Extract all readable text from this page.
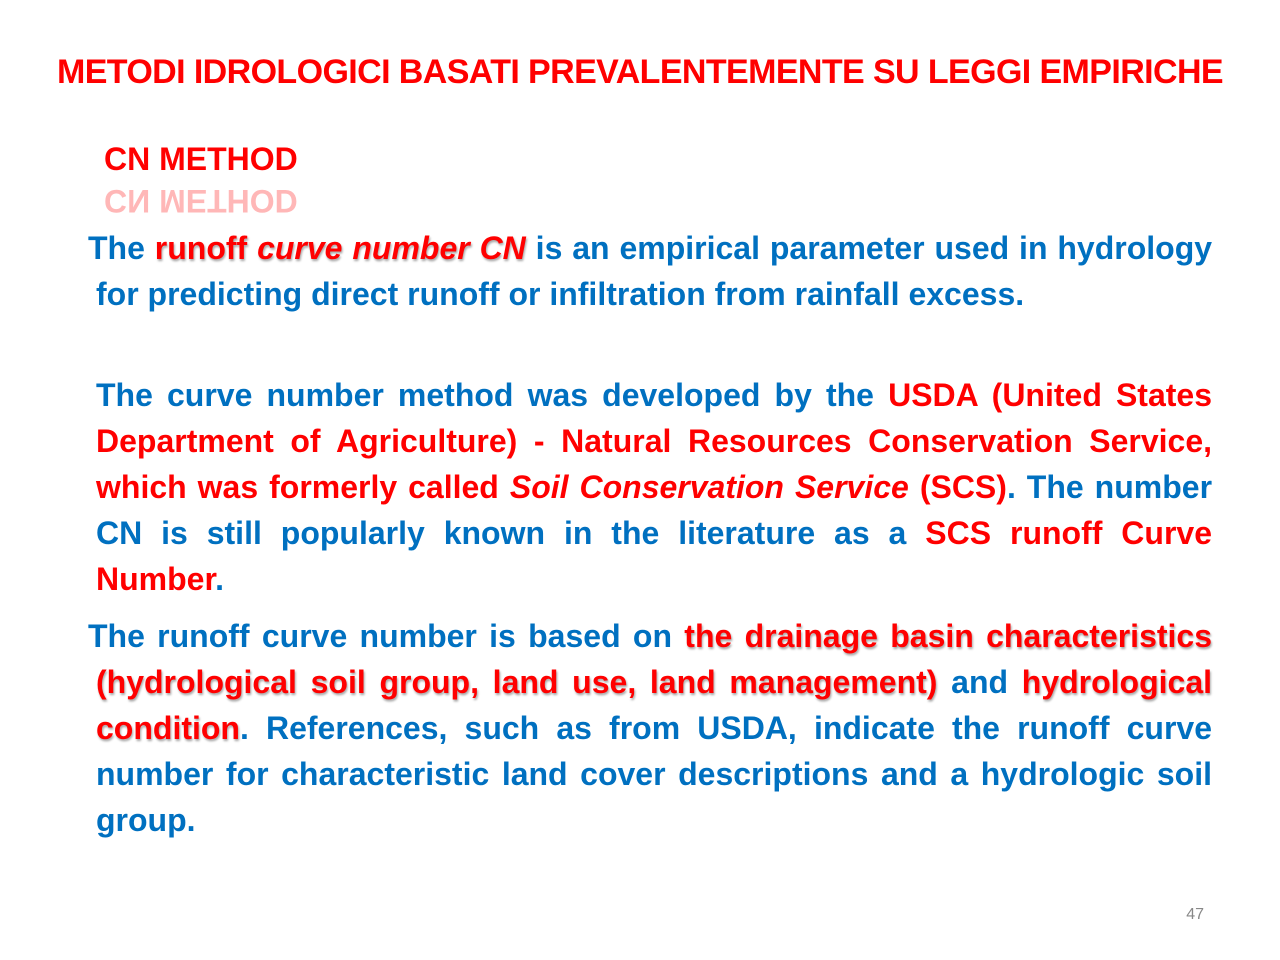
METODI IDROLOGICI BASATI PREVALENTEMENTE SU LEGGI EMPIRICHE
CN METHOD
CN METHOD

The runoff curve number CN is an empirical parameter used in hydrology for predicting direct runoff or infiltration from rainfall excess.

The curve number method was developed by the USDA (United States Department of Agriculture) - Natural Resources Conservation Service, which was formerly called Soil Conservation Service (SCS). The number CN is still popularly known in the literature as a SCS runoff Curve Number.

The runoff curve number is based on the drainage basin characteristics (hydrological soil group, land use, land management) and hydrological condition. References, such as from USDA, indicate the runoff curve number for characteristic land cover descriptions and a hydrologic soil group.

47
